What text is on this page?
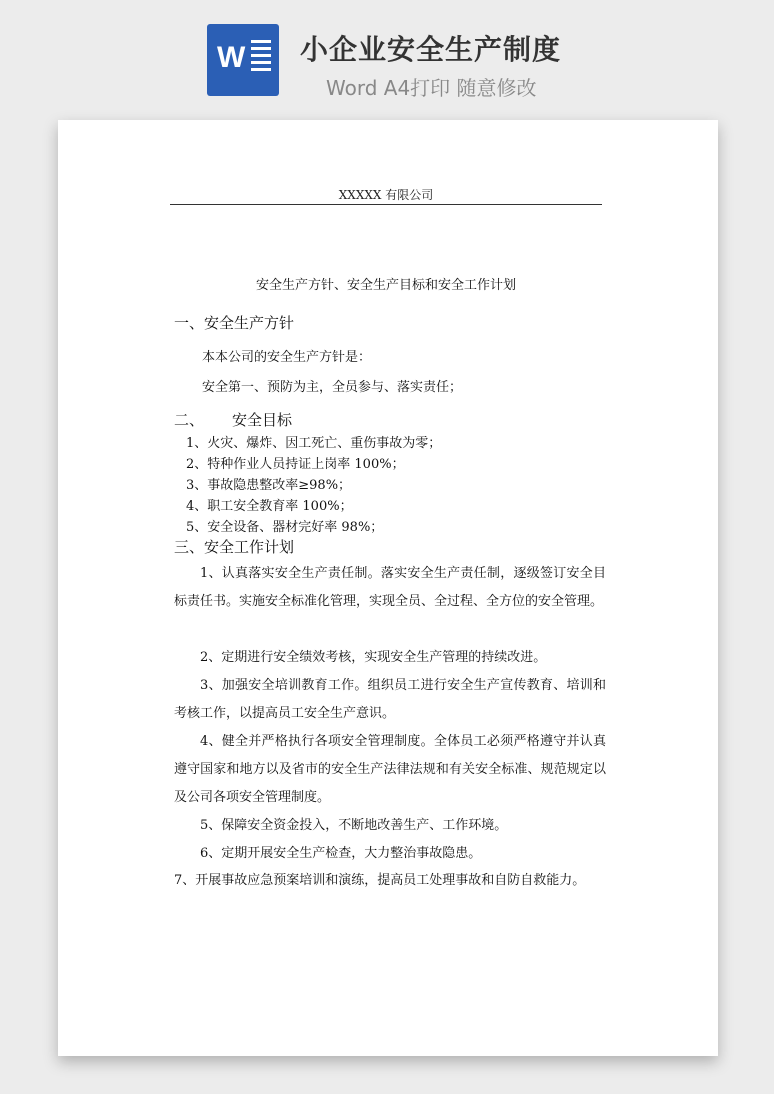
W 小企业安全生产制度
Word A4打印 随意修改
XXXXX 有限公司
安全生产方针、安全生产目标和安全工作计划
一、安全生产方针
本本公司的安全生产方针是：
安全第一、预防为主，全员参与、落实责任；
二、 安全目标
1、火灾、爆炸、因工死亡、重伤事故为零；
2、特种作业人员持证上岗率 100%；
3、事故隐患整改率≥98%；
4、职工安全教育率 100%；
5、安全设备、器材完好率 98%；
三、安全工作计划
1、认真落实安全生产责任制。落实安全生产责任制，逐级签订安全目标责任书。实施安全标准化管理，实现全员、全过程、全方位的安全管理。
2、定期进行安全绩效考核，实现安全生产管理的持续改进。
3、加强安全培训教育工作。组织员工进行安全生产宣传教育、培训和考核工作，以提高员工安全生产意识。
4、健全并严格执行各项安全管理制度。全体员工必须严格遵守并认真遵守国家和地方以及省市的安全生产法律法规和有关安全标准、规范规定以及公司各项安全管理制度。
5、保障安全资金投入，不断地改善生产、工作环境。
6、定期开展安全生产检查，大力整治事故隐患。
7、开展事故应急预案培训和演练，提高员工处理事故和自防自救能力。
